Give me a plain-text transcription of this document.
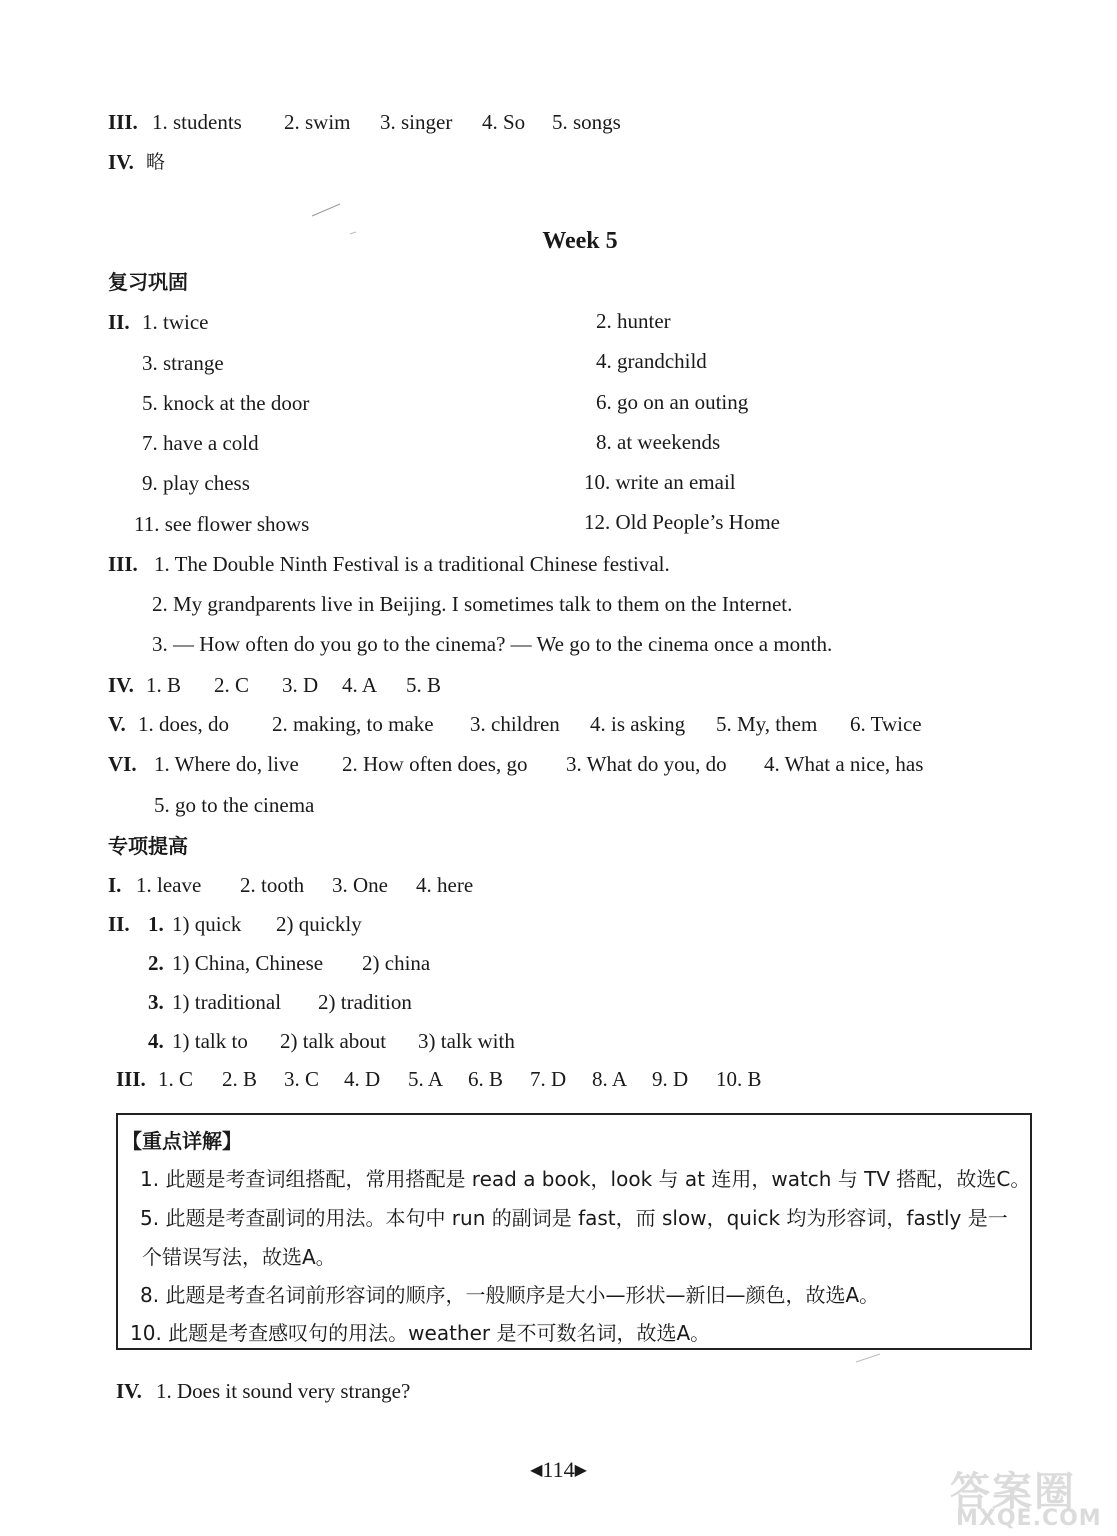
III. 1. students 2. swim 3. singer 4. So 5. songs
IV. 略
Week 5
复习巩固
II. 1. twice
3. strange
5. knock at the door
7. have a cold
9. play chess
11. see flower shows
2. hunter
4. grandchild
6. go on an outing
8. at weekends
10. write an email
12. Old People’s Home
III. 1. The Double Ninth Festival is a traditional Chinese festival.
2. My grandparents live in Beijing. I sometimes talk to them on the Internet.
3. — How often do you go to the cinema? — We go to the cinema once a month.
IV. 1. B 2. C 3. D 4. A 5. B
V. 1. does, do 2. making, to make 3. children 4. is asking 5. My, them 6. Twice
VI. 1. Where do, live 2. How often does, go 3. What do you, do 4. What a nice, has
5. go to the cinema
专项提高
I. 1. leave 2. tooth 3. One 4. here
II. 1. 1) quick 2) quickly
2. 1) China, Chinese 2) china
3. 1) traditional 2) tradition
4. 1) talk to 2) talk about 3) talk with
III. 1. C 2. B 3. C 4. D 5. A 6. B 7. D 8. A 9. D 10. B
【重点详解】
1. 此题是考查词组搭配，常用搭配是 read a book，look 与 at 连用，watch 与 TV 搭配，故选C。
5. 此题是考查副词的用法。本句中 run 的副词是 fast，而 slow，quick 均为形容词，fastly 是一
个错误写法，故选A。
8. 此题是考查名词前形容词的顺序，一般顺序是大小—形状—新旧—颜色，故选A。
10. 此题是考查感叹句的用法。weather 是不可数名词，故选A。
IV. 1. Does it sound very strange?
◀114▶	答案圈
MXQE.COM
